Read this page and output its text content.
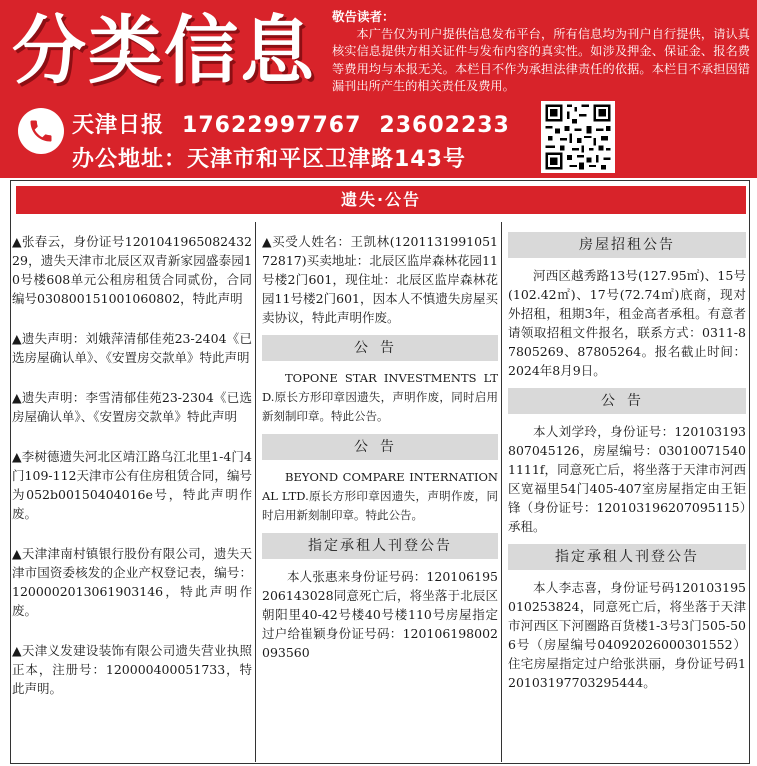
分类信息 敬告读者：
本广告仅为刊户提供信息发布平台，所有信息均为刊户自行提供，请认真核实信息提供方相关证件与发布内容的真实性。如涉及押金、保证金、报名费等费用均与本报无关。本栏目不作为承担法律责任的依据。本栏目不承担因错漏刊出所产生的相关责任及费用。
天津日报 17622997767 23602233
办公地址：天津市和平区卫津路143号
遗失·公告
▲张春云，身份证号120104196508243229，遗失天津市北辰区双青新家园盛泰园10号楼608单元公租房租赁合同贰份，合同编号030800151001060802，特此声明
▲遗失声明：刘娥萍清郁佳苑23-2404《已选房屋确认单》、《安置房交款单》特此声明
▲遗失声明：李雪清郁佳苑23-2304《已选房屋确认单》、《安置房交款单》特此声明
▲李树德遗失河北区靖江路乌江北里1-4门4门109-112天津市公有住房租赁合同，编号为052b00150404016e号，特此声明作废。
▲天津津南村镇银行股份有限公司，遗失天津市国资委核发的企业产权登记表，编号：1200002013061903146，特此声明作废。
▲天津义发建设装饰有限公司遗失营业执照正本，注册号：120000400051733，特此声明。
▲买受人姓名：王凯林(120113199105172817)买卖地址：北辰区监岸森林花园11号楼2门601，现住址：北辰区监岸森林花园11号楼2门601，因本人不慎遗失房屋买卖协议，特此声明作废。
公告
TOPONE STAR INVESTMENTS LTD.原长方形印章因遗失，声明作废，同时启用新刻制印章。特此公告。
公告
BEYOND COMPARE INTERNATIONAL LTD.原长方形印章因遗失，声明作废，同时启用新刻制印章。特此公告。
指定承租人刊登公告
本人张惠来身份证号码：120106195206143028同意死亡后，将坐落于北辰区朝阳里40-42号楼40号楼110号房屋指定过户给崔颖身份证号码：120106198002093560
房屋招租公告
河西区越秀路13号(127.95㎡)、15号(102.42㎡)、17号(72.74㎡)底商，现对外招租，租期3年，租金高者承租。有意者请领取招租文件报名，联系方式：0311-87805269、87805264。报名截止时间：2024年8月9日。
公告
本人刘学玲，身份证号：120103193807045126，房屋编号：030100715401111f，同意死亡后，将坐落于天津市河西区宽福里54门405-407室房屋指定由王钜锋（身份证号：120103196207095115）承租。
指定承租人刊登公告
本人李志喜，身份证号码120103195010253824，同意死亡后，将坐落于天津市河西区下河圈路百货楼1-3号3门505-506号（房屋编号04092026000301552）住宅房屋指定过户给张洪丽，身份证号码120103197703295444。
